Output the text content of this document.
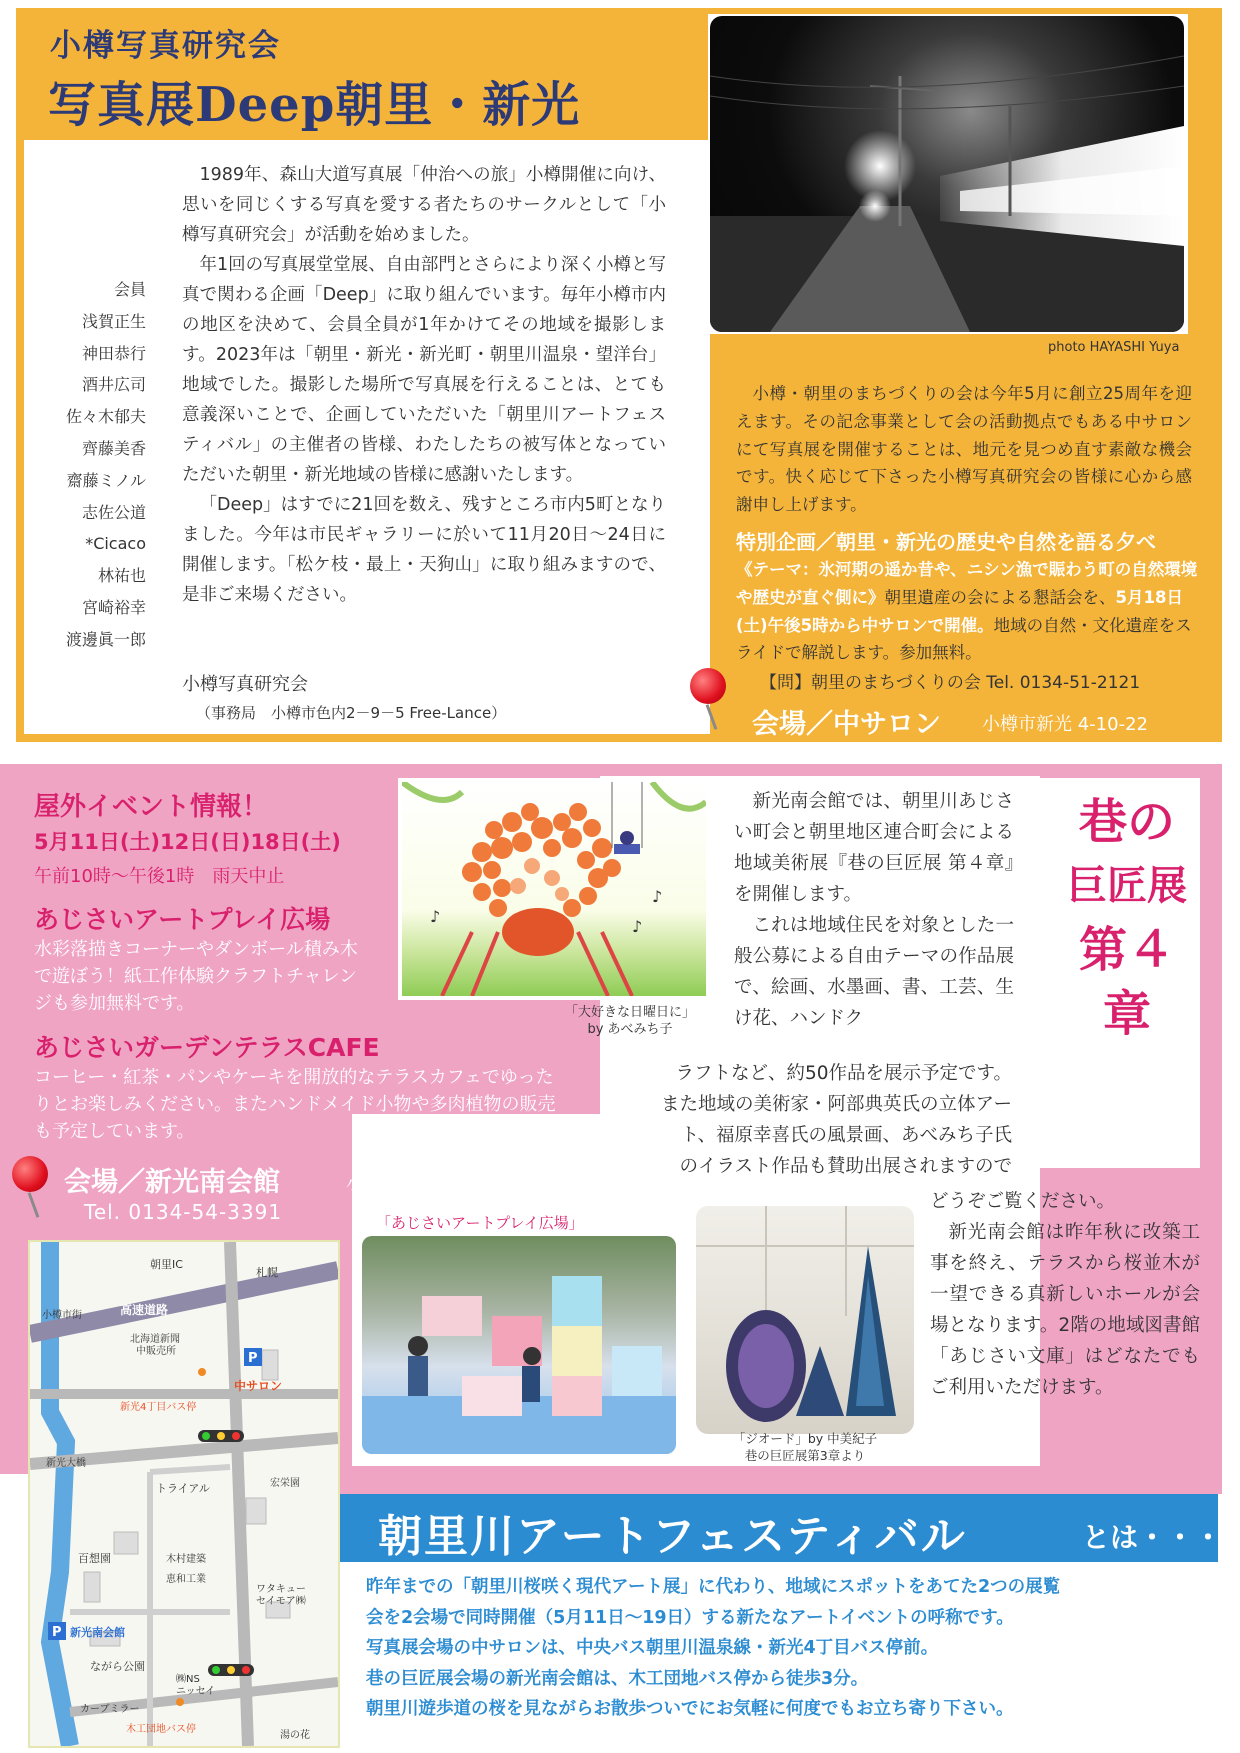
小樽写真研究会
写真展Deep朝里・新光
会員
浅賀正生
神田恭行
酒井広司
佐々木郁夫
齊藤美香
齋藤ミノル
志佐公道
*Cicaco
林祐也
宮崎裕幸
渡邊眞一郎

1989年、森山大道写真展「仲治への旅」小樽開催に向け、思いを同じくする写真を愛する者たちのサークルとして「小樽写真研究会」が活動を始めました。

年1回の写真展堂堂展、自由部門とさらにより深く小樽と写真で関わる企画「Deep」に取り組んでいます。毎年小樽市内の地区を決めて、会員全員が1年かけてその地域を撮影します。2023年は「朝里・新光・新光町・朝里川温泉・望洋台」地域でした。撮影した場所で写真展を行えることは、とても意義深いことで、企画していただいた「朝里川アートフェスティバル」の主催者の皆様、わたしたちの被写体となっていただいた朝里・新光地域の皆様に感謝いたします。

「Deep」はすでに21回を数え、残すところ市内5町となりました。今年は市民ギャラリーに於いて11月20日～24日に開催します。「松ケ枝・最上・天狗山」に取り組みますので、是非ご来場ください。

小樽写真研究会
（事務局　小樽市色内2－9－5 Free-Lance）
photo HAYASHI Yuya

小樽・朝里のまちづくりの会は今年5月に創立25周年を迎えます。その記念事業として会の活動拠点でもある中サロンにて写真展を開催することは、地元を見つめ直す素敵な機会です。快く応じて下さった小樽写真研究会の皆様に心から感謝申し上げます。

特別企画／朝里・新光の歴史や自然を語る夕べ
《テーマ：氷河期の遥か昔や、ニシン漁で賑わう町の自然環境や歴史が直ぐ側に》朝里遺産の会による懇話会を、5月18日(土)午後5時から中サロンで開催。地域の自然・文化遺産をスライドで解説します。参加無料。
【問】朝里のまちづくりの会 Tel. 0134-51-2121
会場／中サロン 小樽市新光 4-10-22
屋外イベント情報！
5月11日(土)12日(日)18日(土)
午前10時～午後1時　雨天中止
あじさいアートプレイ広場
水彩落描きコーナーやダンボール積み木で遊ぼう！紙工作体験クラフトチャレンジも参加無料です。
あじさいガーデンテラスCAFE
コーヒー・紅茶・パンやケーキを開放的なテラスカフェでゆったりとお楽しみください。またハンドメイド小物や多肉植物の販売も予定しています。
会場／新光南会館	小樽市新光 5-5-7
Tel. 0134-54-3391
♪
♪
♪
「大好きな日曜日に」
by あべみち子

新光南会館では、朝里川あじさい町会と朝里地区連合町会による地域美術展『巷の巨匠展 第４章』を開催します。

これは地域住民を対象とした一般公募による自由テーマの作品展で、絵画、水墨画、書、工芸、生け花、ハンドク

ラフトなど、約50作品を展示予定です。
また地域の美術家・阿部典英氏の立体アー
ト、福原幸喜氏の風景画、あべみち子氏
のイラスト作品も賛助出展されますので
どうぞご覧ください。
新光南会館は昨年秋に改築工事を終え、テラスから桜並木が一望できる真新しいホールが会場となります。2階の地域図書館「あじさい文庫」はどなたでもご利用いただけます。
巷の
巨匠展
第４章
「あじさいアートプレイ広場」
「ジオード」by 中美紀子
巷の巨匠展第3章より
P
P
朝里IC
札幌
高速道路
小樽市街
北海道新聞
中販売所
中サロン
新光4丁目バス停
新光大橋
トライアル	宏栄園
百想園	木村建築
恵和工業
ワタキュー
セイモア㈱
新光南会館
ながら公園
㈱NS
ニッセイ
カーブミラー
木工団地バス停
湯の花
朝里川アートフェスティバル	とは・・・
昨年までの「朝里川桜咲く現代アート展」に代わり、地域にスポットをあてた2つの展覧
会を2会場で同時開催（5月11日～19日）する新たなアートイベントの呼称です。
写真展会場の中サロンは、中央バス朝里川温泉線・新光4丁目バス停前。
巷の巨匠展会場の新光南会館は、木工団地バス停から徒歩3分。
朝里川遊歩道の桜を見ながらお散歩ついでにお気軽に何度でもお立ち寄り下さい。
